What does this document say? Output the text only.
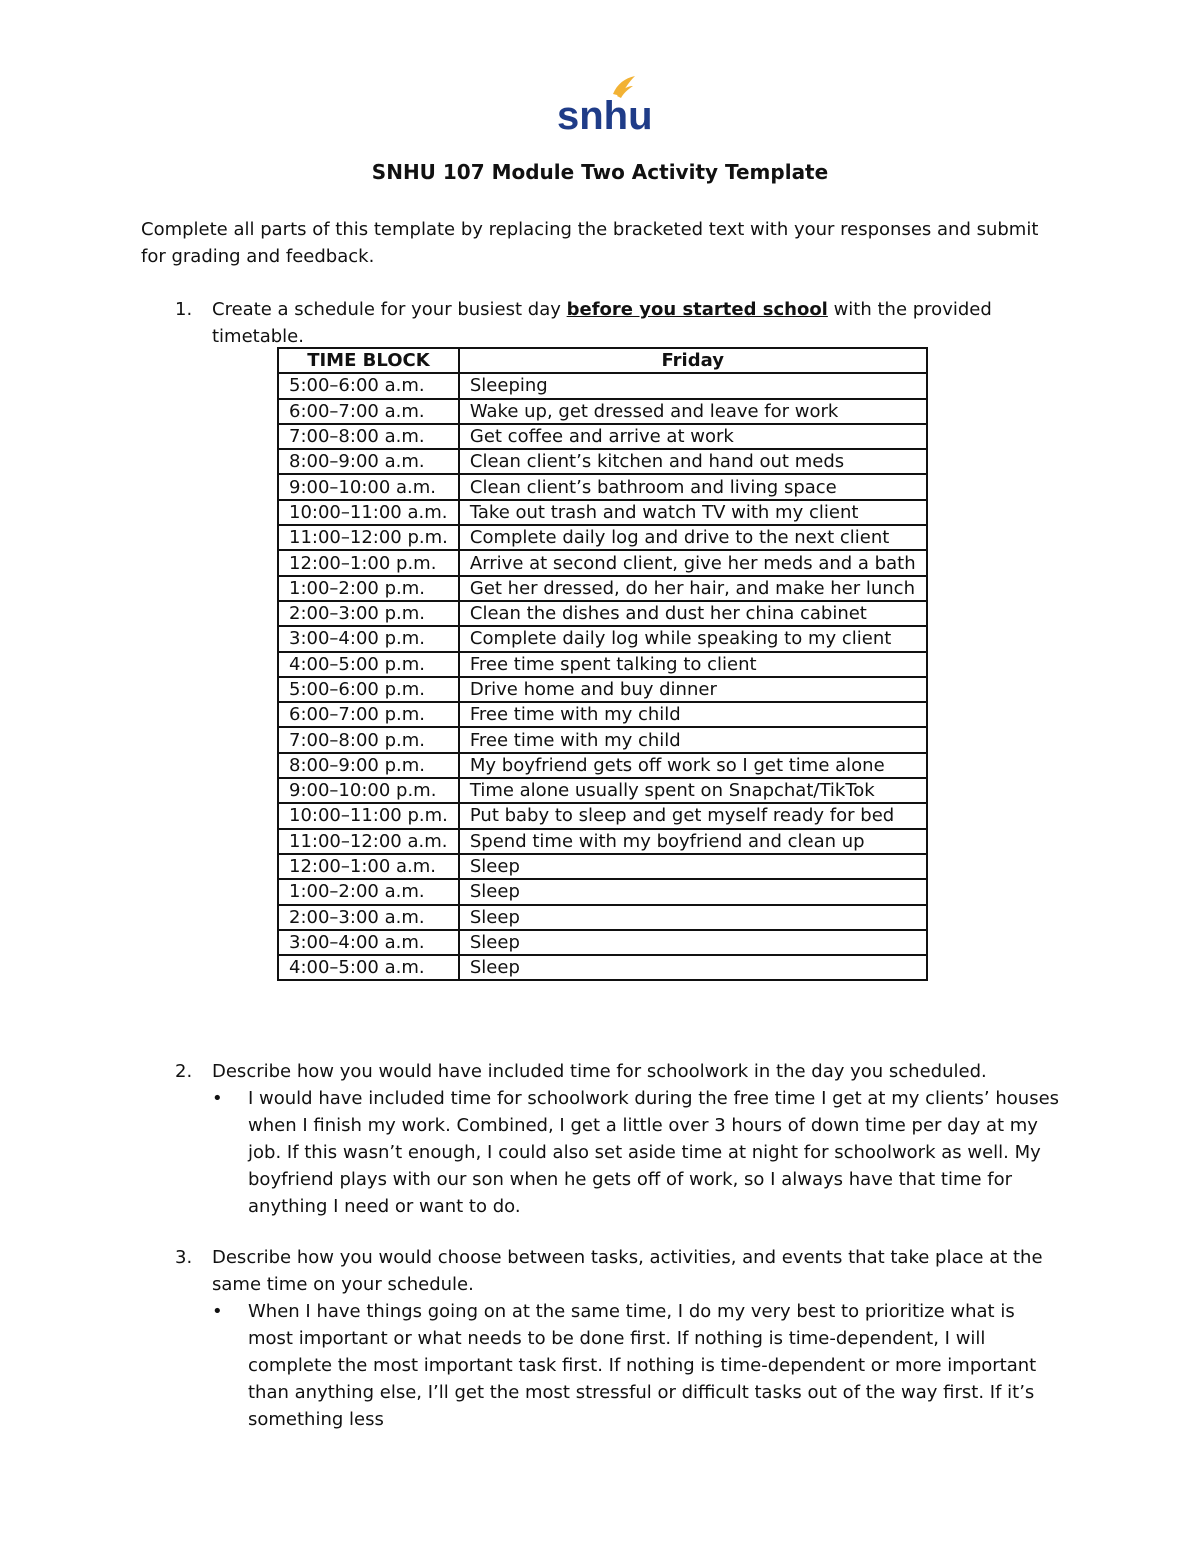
snhu
SNHU 107 Module Two Activity Template
Complete all parts of this template by replacing the bracketed text with your responses and submit for grading and feedback.
1. Create a schedule for your busiest day before you started school with the provided timetable.
TIME BLOCK	Friday
5:00–6:00 a.m.	Sleeping
6:00–7:00 a.m.	Wake up, get dressed and leave for work
7:00–8:00 a.m.	Get coffee and arrive at work
8:00–9:00 a.m.	Clean client’s kitchen and hand out meds
9:00–10:00 a.m.	Clean client’s bathroom and living space
10:00–11:00 a.m.	Take out trash and watch TV with my client
11:00–12:00 p.m.	Complete daily log and drive to the next client
12:00–1:00 p.m.	Arrive at second client, give her meds and a bath
1:00–2:00 p.m.	Get her dressed, do her hair, and make her lunch
2:00–3:00 p.m.	Clean the dishes and dust her china cabinet
3:00–4:00 p.m.	Complete daily log while speaking to my client
4:00–5:00 p.m.	Free time spent talking to client
5:00–6:00 p.m.	Drive home and buy dinner
6:00–7:00 p.m.	Free time with my child
7:00–8:00 p.m.	Free time with my child
8:00–9:00 p.m.	My boyfriend gets off work so I get time alone
9:00–10:00 p.m.	Time alone usually spent on Snapchat/TikTok
10:00–11:00 p.m.	Put baby to sleep and get myself ready for bed
11:00–12:00 a.m.	Spend time with my boyfriend and clean up
12:00–1:00 a.m.	Sleep
1:00–2:00 a.m.	Sleep
2:00–3:00 a.m.	Sleep
3:00–4:00 a.m.	Sleep
4:00–5:00 a.m.	Sleep
2. Describe how you would have included time for schoolwork in the day you scheduled.
• I would have included time for schoolwork during the free time I get at my clients’ houses when I finish my work. Combined, I get a little over 3 hours of down time per day at my job. If this wasn’t enough, I could also set aside time at night for schoolwork as well. My boyfriend plays with our son when he gets off of work, so I always have that time for anything I need or want to do.
3. Describe how you would choose between tasks, activities, and events that take place at the same time on your schedule.
• When I have things going on at the same time, I do my very best to prioritize what is most important or what needs to be done first. If nothing is time-dependent, I will complete the most important task first. If nothing is time-dependent or more important than anything else, I’ll get the most stressful or difficult tasks out of the way first. If it’s something less
